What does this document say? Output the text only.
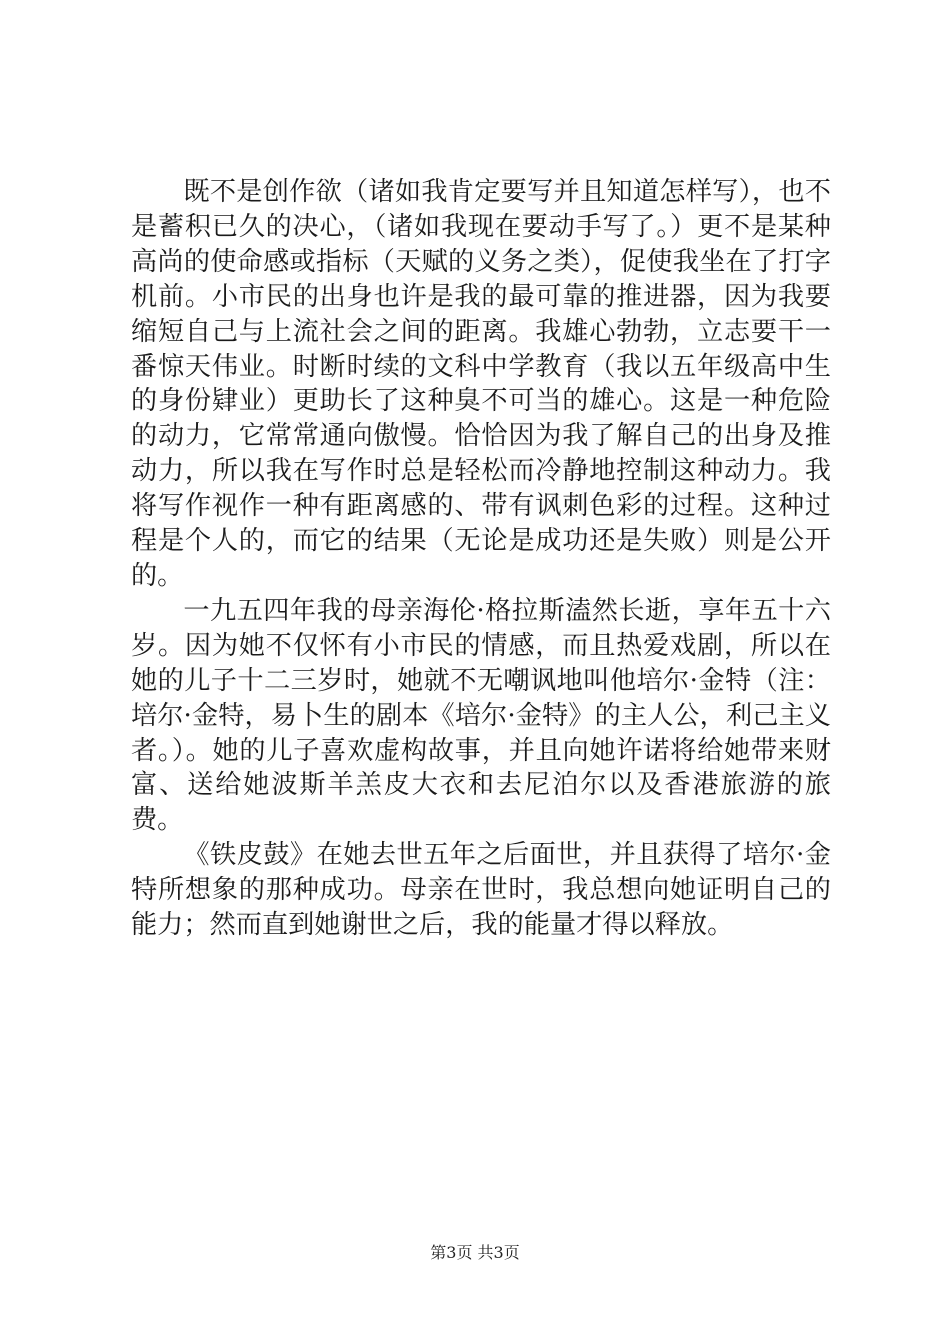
既不是创作欲（诸如我肯定要写并且知道怎样写），也不是蓄积已久的决心，（诸如我现在要动手写了。）更不是某种高尚的使命感或指标（天赋的义务之类），促使我坐在了打字机前。小市民的出身也许是我的最可靠的推进器，因为我要缩短自己与上流社会之间的距离。我雄心勃勃，立志要干一番惊天伟业。时断时续的文科中学教育（我以五年级高中生的身份肄业）更助长了这种臭不可当的雄心。这是一种危险的动力，它常常通向傲慢。恰恰因为我了解自己的出身及推动力，所以我在写作时总是轻松而冷静地控制这种动力。我将写作视作一种有距离感的、带有讽刺色彩的过程。这种过程是个人的，而它的结果（无论是成功还是失败）则是公开的。

一九五四年我的母亲海伦·格拉斯溘然长逝，享年五十六岁。因为她不仅怀有小市民的情感，而且热爱戏剧，所以在她的儿子十二三岁时，她就不无嘲讽地叫他培尔·金特（注：培尔·金特，易卜生的剧本《培尔·金特》的主人公，利己主义者。）。她的儿子喜欢虚构故事，并且向她许诺将给她带来财富、送给她波斯羊羔皮大衣和去尼泊尔以及香港旅游的旅费。

《铁皮鼓》在她去世五年之后面世，并且获得了培尔·金特所想象的那种成功。母亲在世时，我总想向她证明自己的能力；然而直到她谢世之后，我的能量才得以释放。

第3页 共3页
